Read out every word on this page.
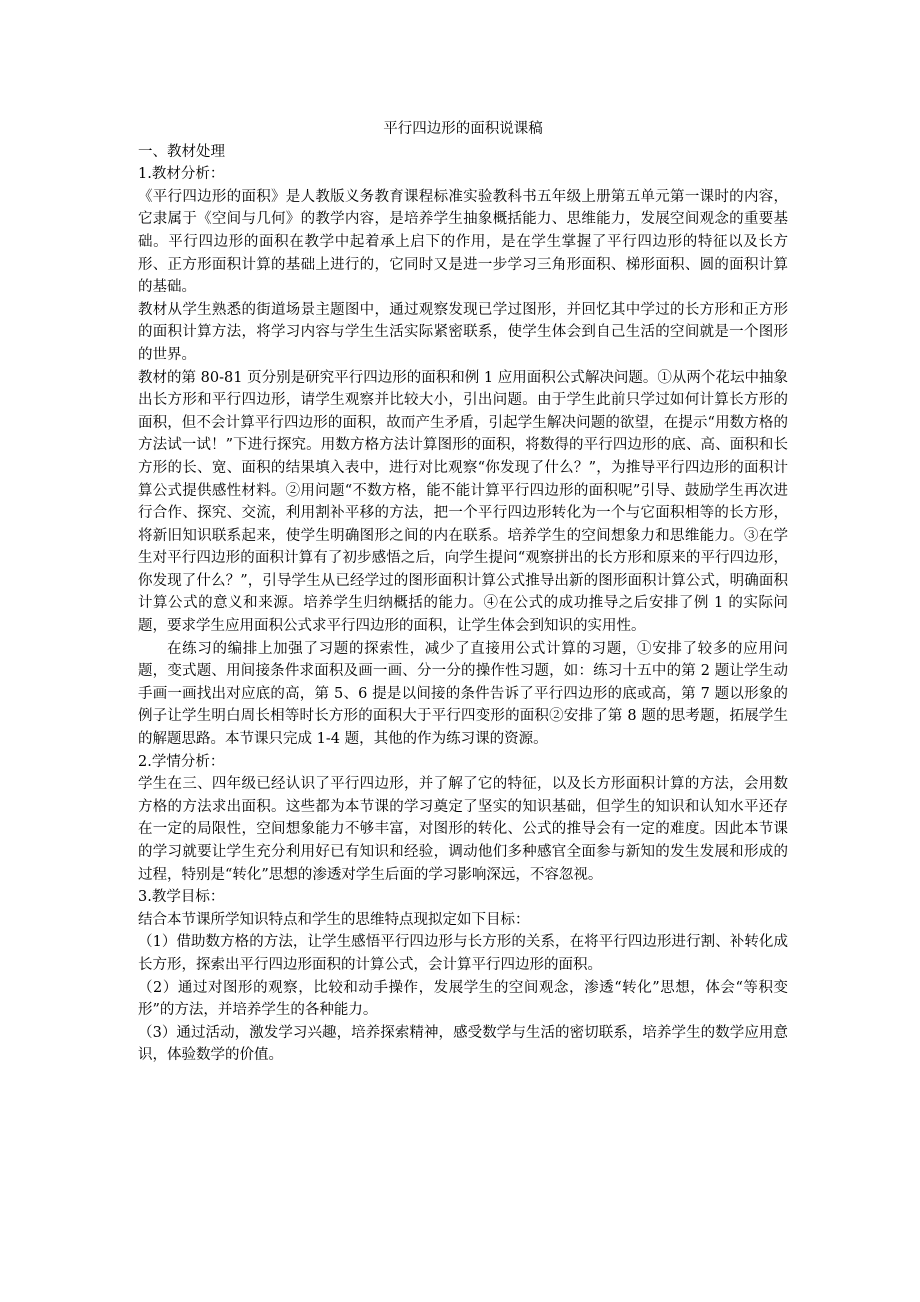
平行四边形的面积说课稿

一、教材处理

1.教材分析：

《平行四边形的面积》是人教版义务教育课程标准实验教科书五年级上册第五单元第一课时的内容，它隶属于《空间与几何》的教学内容，是培养学生抽象概括能力、思维能力，发展空间观念的重要基础。平行四边形的面积在教学中起着承上启下的作用，是在学生掌握了平行四边形的特征以及长方形、正方形面积计算的基础上进行的，它同时又是进一步学习三角形面积、梯形面积、圆的面积计算的基础。

教材从学生熟悉的街道场景主题图中，通过观察发现已学过图形，并回忆其中学过的长方形和正方形的面积计算方法，将学习内容与学生生活实际紧密联系，使学生体会到自己生活的空间就是一个图形的世界。

教材的第 80-81 页分别是研究平行四边形的面积和例 1 应用面积公式解决问题。①从两个花坛中抽象出长方形和平行四边形，请学生观察并比较大小，引出问题。由于学生此前只学过如何计算长方形的面积，但不会计算平行四边形的面积，故而产生矛盾，引起学生解决问题的欲望，在提示“用数方格的方法试一试！”下进行探究。用数方格方法计算图形的面积，将数得的平行四边形的底、高、面积和长方形的长、宽、面积的结果填入表中，进行对比观察“你发现了什么？”，为推导平行四边形的面积计算公式提供感性材料。②用问题“不数方格，能不能计算平行四边形的面积呢”引导、鼓励学生再次进行合作、探究、交流，利用割补平移的方法，把一个平行四边形转化为一个与它面积相等的长方形，将新旧知识联系起来，使学生明确图形之间的内在联系。培养学生的空间想象力和思维能力。③在学生对平行四边形的面积计算有了初步感悟之后，向学生提问“观察拼出的长方形和原来的平行四边形，你发现了什么？”，引导学生从已经学过的图形面积计算公式推导出新的图形面积计算公式，明确面积计算公式的意义和来源。培养学生归纳概括的能力。④在公式的成功推导之后安排了例 1 的实际问题，要求学生应用面积公式求平行四边形的面积，让学生体会到知识的实用性。

在练习的编排上加强了习题的探索性，减少了直接用公式计算的习题，①安排了较多的应用问题，变式题、用间接条件求面积及画一画、分一分的操作性习题，如：练习十五中的第 2 题让学生动手画一画找出对应底的高，第 5、6 提是以间接的条件告诉了平行四边形的底或高，第 7 题以形象的例子让学生明白周长相等时长方形的面积大于平行四变形的面积②安排了第 8 题的思考题，拓展学生的解题思路。本节课只完成 1-4 题，其他的作为练习课的资源。

2.学情分析：

学生在三、四年级已经认识了平行四边形，并了解了它的特征，以及长方形面积计算的方法，会用数方格的方法求出面积。这些都为本节课的学习奠定了坚实的知识基础，但学生的知识和认知水平还存在一定的局限性，空间想象能力不够丰富，对图形的转化、公式的推导会有一定的难度。因此本节课的学习就要让学生充分利用好已有知识和经验，调动他们多种感官全面参与新知的发生发展和形成的过程，特别是“转化”思想的渗透对学生后面的学习影响深远，不容忽视。

3.教学目标：

结合本节课所学知识特点和学生的思维特点现拟定如下目标：

（1）借助数方格的方法，让学生感悟平行四边形与长方形的关系，在将平行四边形进行割、补转化成长方形，探索出平行四边形面积的计算公式，会计算平行四边形的面积。

（2）通过对图形的观察，比较和动手操作，发展学生的空间观念，渗透“转化”思想，体会“等积变形”的方法，并培养学生的各种能力。

（3）通过活动，激发学习兴趣，培养探索精神，感受数学与生活的密切联系，培养学生的数学应用意识，体验数学的价值。
